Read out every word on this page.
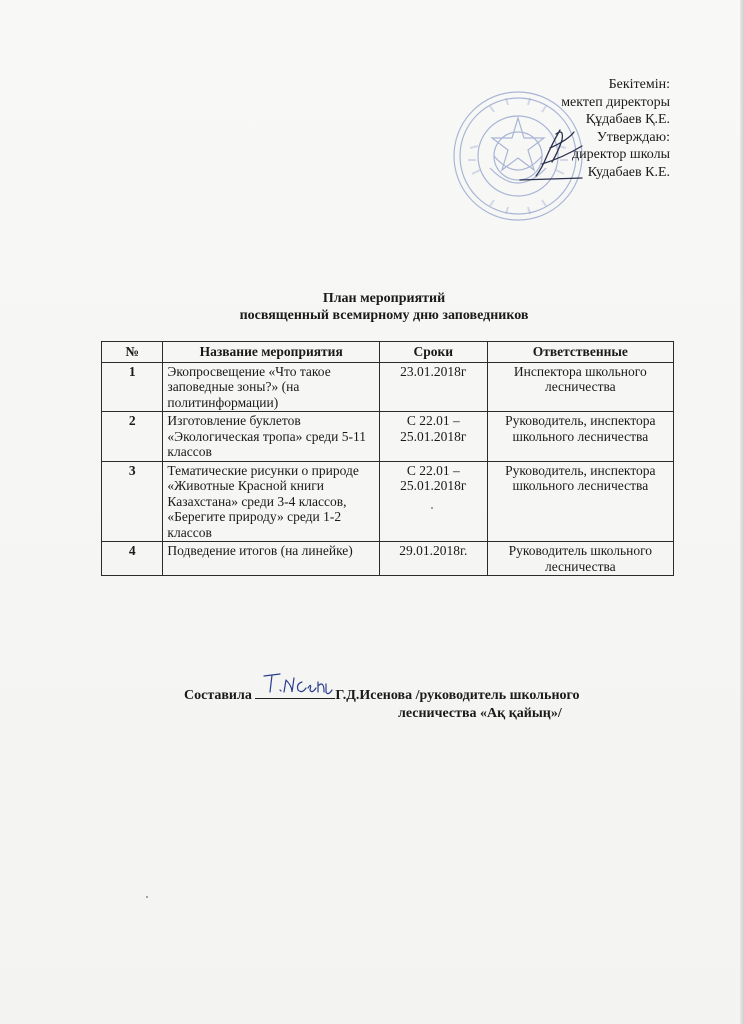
Бекітемін:
мектеп директоры
Құдабаев Қ.Е.
Утверждаю:
директор школы
Кудабаев К.Е.
План мероприятий
посвященный всемирному дню заповедников
№	Название мероприятия	Сроки	Ответственные
1	Экопросвещение «Что такое заповедные зоны?» (на политинформации)	23.01.2018г	Инспектора школьного лесничества
2	Изготовление буклетов «Экологическая тропа» среди 5-11 классов	С 22.01 – 25.01.2018г	Руководитель, инспектора школьного лесничества
3	Тематические рисунки о природе «Животные Красной книги Казахстана» среди 3-4 классов, «Берегите природу» среди 1-2 классов	С 22.01 – 25.01.2018г	Руководитель, инспектора школьного лесничества
4	Подведение итогов (на линейке)	29.01.2018г.	Руководитель школьного лесничества
Составила	Г.Д.Исенова /руководитель школьного
лесничества «Ақ қайың»/
